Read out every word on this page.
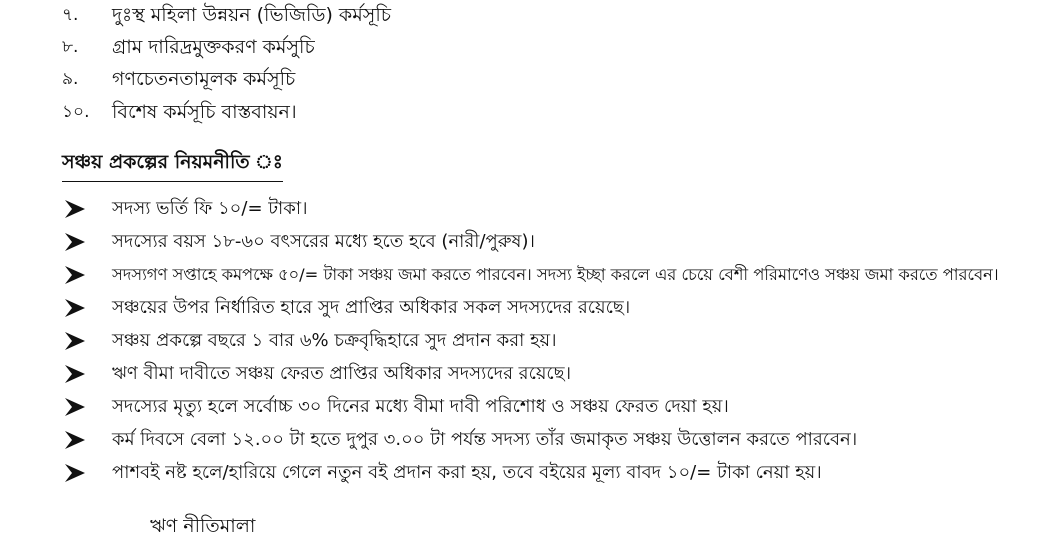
৭. দুঃস্থ মহিলা উন্নয়ন (ভিজিডি) কর্মসূচি
৮. গ্রাম দারিদ্রমুক্তকরণ কর্মসুচি
৯. গণচেতনতামূলক কর্মসূচি
১০. বিশেষ কর্মসূচি বাস্তবায়ন।
সঞ্চয় প্রকল্পের নিয়মনীতি ঃ
সদস্য ভর্তি ফি ১০/= টাকা।
সদস্যের বয়স ১৮-৬০ বৎসরের মধ্যে হতে হবে (নারী/পুরুষ)।
সদস্যগণ সপ্তাহে কমপক্ষে ৫০/= টাকা সঞ্চয় জমা করতে পারবেন। সদস্য ইচ্ছা করলে এর চেয়ে বেশী পরিমাণেও সঞ্চয় জমা করতে পারবেন।
সঞ্চয়ের উপর নির্ধারিত হারে সুদ প্রাপ্তির অধিকার সকল সদস্যদের রয়েছে।
সঞ্চয় প্রকল্পে বছরে ১ বার ৬% চক্রবৃদ্ধিহারে সুদ প্রদান করা হয়।
ঋণ বীমা দাবীতে সঞ্চয় ফেরত প্রাপ্তির অধিকার সদস্যদের রয়েছে।
সদস্যের মৃত্যু হলে সর্বোচ্চ ৩০ দিনের মধ্যে বীমা দাবী পরিশোধ ও সঞ্চয় ফেরত দেয়া হয়।
কর্ম দিবসে বেলা ১২.০০ টা হতে দুপুর ৩.০০ টা পর্যন্ত সদস্য তাঁর জমাকৃত সঞ্চয় উত্তোলন করতে পারবেন।
পাশবই নষ্ট হলে/হারিয়ে গেলে নতুন বই প্রদান করা হয়, তবে বইয়ের মূল্য বাবদ ১০/= টাকা নেয়া হয়।
ঋণ নীতিমালা
